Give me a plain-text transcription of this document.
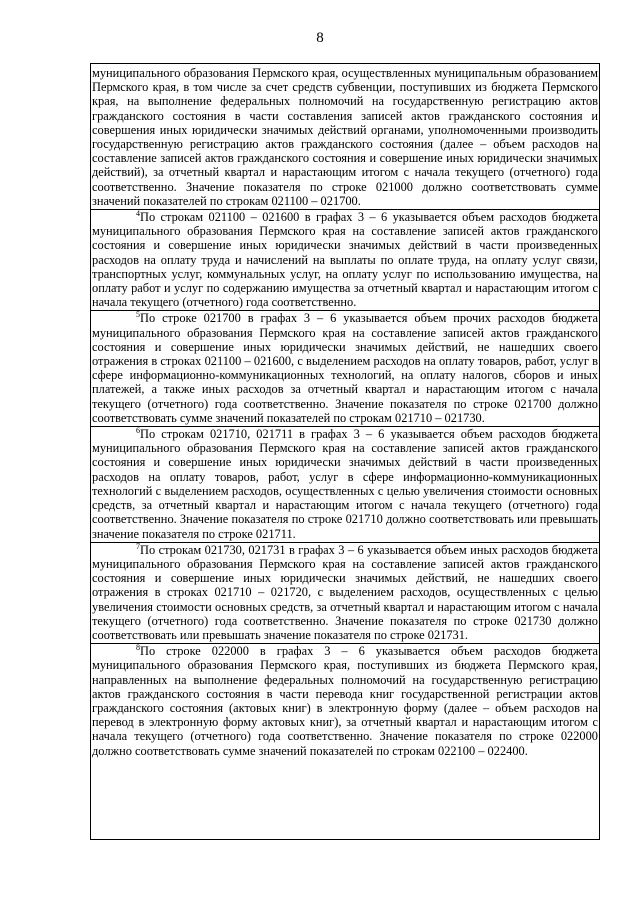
8

муниципального образования Пермского края, осуществленных муниципальным образованием Пермского края, в том числе за счет средств субвенции, поступивших из бюджета Пермского края, на выполнение федеральных полномочий на государственную регистрацию актов гражданского состояния в части составления записей актов гражданского состояния и совершения иных юридически значимых действий органами, уполномоченными производить государственную регистрацию актов гражданского состояния (далее – объем расходов на составление записей актов гражданского состояния и совершение иных юридически значимых действий), за отчетный квартал и нарастающим итогом с начала текущего (отчетного) года соответственно. Значение показателя по строке 021000 должно соответствовать сумме значений показателей по строкам 021100 – 021700.

$^4$По строкам 021100 – 021600 в графах 3 – 6 указывается объем расходов бюджета муниципального образования Пермского края на составление записей актов гражданского состояния и совершение иных юридически значимых действий в части произведенных расходов на оплату труда и начислений на выплаты по оплате труда, на оплату услуг связи, транспортных услуг, коммунальных услуг, на оплату услуг по использованию имущества, на оплату работ и услуг по содержанию имущества за отчетный квартал и нарастающим итогом с начала текущего (отчетного) года соответственно.

$^5$По строке 021700 в графах 3 – 6 указывается объем прочих расходов бюджета муниципального образования Пермского края на составление записей актов гражданского состояния и совершение иных юридически значимых действий, не нашедших своего отражения в строках 021100 – 021600, с выделением расходов на оплату товаров, работ, услуг в сфере информационно-коммуникационных технологий, на оплату налогов, сборов и иных платежей, а также иных расходов за отчетный квартал и нарастающим итогом с начала текущего (отчетного) года соответственно. Значение показателя по строке 021700 должно соответствовать сумме значений показателей по строкам 021710 – 021730.

$^6$По строкам 021710, 021711 в графах 3 – 6 указывается объем расходов бюджета муниципального образования Пермского края на составление записей актов гражданского состояния и совершение иных юридически значимых действий в части произведенных расходов на оплату товаров, работ, услуг в сфере информационно-коммуникационных технологий с выделением расходов, осуществленных с целью увеличения стоимости основных средств, за отчетный квартал и нарастающим итогом с начала текущего (отчетного) года соответственно. Значение показателя по строке 021710 должно соответствовать или превышать значение показателя по строке 021711.

$^7$По строкам 021730, 021731 в графах 3 – 6 указывается объем иных расходов бюджета муниципального образования Пермского края на составление записей актов гражданского состояния и совершение иных юридически значимых действий, не нашедших своего отражения в строках 021710 – 021720, с выделением расходов, осуществленных с целью увеличения стоимости основных средств, за отчетный квартал и нарастающим итогом с начала текущего (отчетного) года соответственно. Значение показателя по строке 021730 должно соответствовать или превышать значение показателя по строке 021731.

$^8$По строке 022000 в графах 3 – 6 указывается объем расходов бюджета муниципального образования Пермского края, поступивших из бюджета Пермского края, направленных на выполнение федеральных полномочий на государственную регистрацию актов гражданского состояния в части перевода книг государственной регистрации актов гражданского состояния (актовых книг) в электронную форму (далее – объем расходов на перевод в электронную форму актовых книг), за отчетный квартал и нарастающим итогом с начала текущего (отчетного) года соответственно. Значение показателя по строке 022000 должно соответствовать сумме значений показателей по строкам 022100 – 022400.
